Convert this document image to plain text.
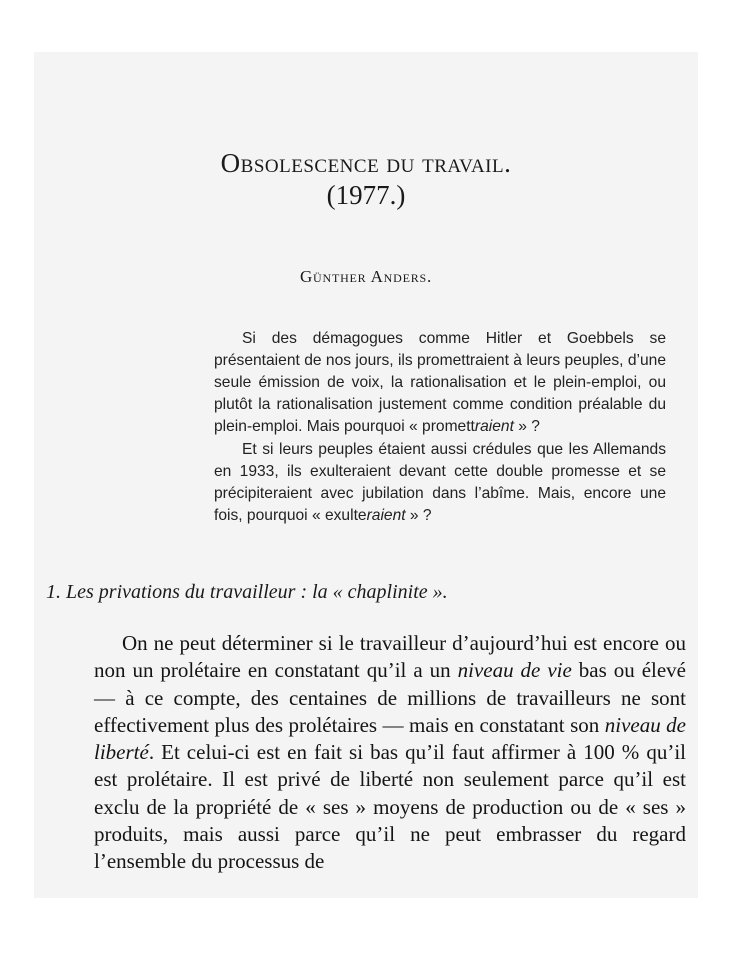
Obsolescence du travail.
(1977.)
Günther Anders.

Si des démagogues comme Hitler et Goebbels se présentaient de nos jours, ils promettraient à leurs peuples, d’une seule émission de voix, la rationalisation et le plein-emploi, ou plutôt la rationalisation justement comme condition préalable du plein-emploi. Mais pourquoi « promettraient » ?

Et si leurs peuples étaient aussi crédules que les Allemands en 1933, ils exulteraient devant cette double promesse et se précipiteraient avec jubilation dans l’abîme. Mais, encore une fois, pourquoi « exulteraient » ?

1. Les privations du travailleur : la « chaplinite ».

On ne peut déterminer si le travailleur d’aujourd’hui est encore ou non un prolétaire en constatant qu’il a un niveau de vie bas ou élevé — à ce compte, des centaines de millions de travailleurs ne sont effectivement plus des prolétaires — mais en constatant son niveau de liberté. Et celui-ci est en fait si bas qu’il faut affirmer à 100 % qu’il est prolétaire. Il est privé de liberté non seulement parce qu’il est exclu de la propriété de « ses » moyens de production ou de « ses » produits, mais aussi parce qu’il ne peut embrasser du regard l’ensemble du processus de
